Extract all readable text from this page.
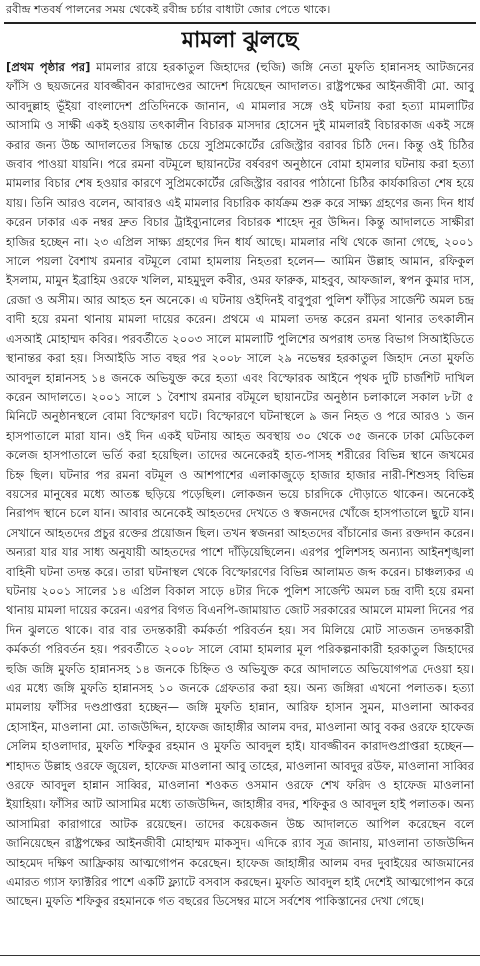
রবীন্দ্র শতবর্ষ পালনের সময় থেকেই রবীন্দ্র চর্চার বাধাটা জোর পেতে থাকে।
মামলা ঝুলছে

[প্রথম পৃষ্ঠার পর] মামলার রায়ে হরকাতুল জিহাদের (হুজি) জঙ্গি নেতা মুফতি হান্নানসহ আটজনের ফাঁসি ও ছয়জনের যাবজ্জীবন কারাদণ্ডের আদেশ দিয়েছেন আদালত। রাষ্ট্রপক্ষের আইনজীবী মো. আবু আবদুল্লাহ ভূঁইয়া বাংলাদেশ প্রতিদিনকে জানান, এ মামলার সঙ্গে ওই ঘটনায় করা হত্যা মামলাটির আসামি ও সাক্ষী একই হওয়ায় তৎকালীন বিচারক মাসদার হোসেন দুই মামলারই বিচারকাজ একই সঙ্গে করার জন্য উচ্চ আদালতের সিদ্ধান্ত চেয়ে সুপ্রিমকোর্টের রেজিস্ট্রার বরাবর চিঠি দেন। কিন্তু ওই চিঠির জবাব পাওয়া যায়নি। পরে রমনা বটমূলে ছায়ানটের বর্ষবরণ অনুষ্ঠানে বোমা হামলার ঘটনায় করা হত্যা মামলার বিচার শেষ হওয়ার কারণে সুপ্রিমকোর্টের রেজিস্ট্রার বরাবর পাঠানো চিঠির কার্যকারিতা শেষ হয়ে যায়। তিনি আরও বলেন, আবারও এই মামলার বিচারিক কার্যক্রম শুরু করে সাক্ষ্য গ্রহণের জন্য দিন ধার্য করেন ঢাকার এক নম্বর দ্রুত বিচার ট্রাইব্যুনালের বিচারক শাহেদ নূর উদ্দিন। কিন্তু আদালতে সাক্ষীরা হাজির হচ্ছেন না। ২৩ এপ্রিল সাক্ষ্য গ্রহণের দিন ধার্য আছে। মামলার নথি থেকে জানা গেছে, ২০০১ সালে পয়লা বৈশাখ রমনার বটমূলে বোমা হামলায় নিহতরা হলেন— আমিন উল্লাহ আমান, রফিকুল ইসলাম, মামুন ইব্রাহিম ওরফে খলিল, মাহমুদুল কবীর, ওমর ফারুক, মাহবুব, আফজাল, স্বপন কুমার দাস, রেজা ও অসীম। আর আহত হন অনেকে। এ ঘটনায় ওইদিনই বাবুপুরা পুলিশ ফাঁড়ির সার্জেন্ট অমল চন্দ্র বাদী হয়ে রমনা থানায় মামলা দায়ের করেন। প্রথমে এ মামলা তদন্ত করেন রমনা থানার তৎকালীন এসআই মোহাম্মদ কবির। পরবর্তীতে ২০০৩ সালে মামলাটি পুলিশের অপরাধ তদন্ত বিভাগ সিআইডিতে স্থানান্তর করা হয়। সিআইডি সাত বছর পর ২০০৮ সালে ২৯ নভেম্বর হরকাতুল জিহাদ নেতা মুফতি আবদুল হান্নানসহ ১৪ জনকে অভিযুক্ত করে হত্যা এবং বিস্ফোরক আইনে পৃথক দুটি চার্জশিট দাখিল করেন আদালতে। ২০০১ সালে ১ বৈশাখ রমনার বটমূলে ছায়ানটের অনুষ্ঠান চলাকালে সকাল ৮টা ৫ মিনিটে অনুষ্ঠানস্থলে বোমা বিস্ফোরণ ঘটে। বিস্ফোরণে ঘটনাস্থলে ৯ জন নিহত ও পরে আরও ১ জন হাসপাতালে মারা যান। ওই দিন একই ঘটনায় আহত অবস্থায় ৩০ থেকে ৩৫ জনকে ঢাকা মেডিকেল কলেজ হাসপাতালে ভর্তি করা হয়েছিল। তাদের অনেকেরই হাত-পাসহ শরীরের বিভিন্ন স্থানে জখমের চিহ্ন ছিল। ঘটনার পর রমনা বটমূল ও আশপাশের এলাকাজুড়ে হাজার হাজার নারী-শিশুসহ বিভিন্ন বয়সের মানুষের মধ্যে আতঙ্ক ছড়িয়ে পড়েছিল। লোকজন ভয়ে চারদিকে দৌড়াতে থাকেন। অনেকেই নিরাপদ স্থানে চলে যান। আবার অনেকেই আহতদের দেখতে ও স্বজনদের খোঁজে হাসপাতালে ছুটে যান। সেখানে আহতদের প্রচুর রক্তের প্রয়োজন ছিল। তখন স্বজনরা আহতদের বাঁচানোর জন্য রক্তদান করেন। অন্যরা যার যার সাধ্য অনুযায়ী আহতদের পাশে দাঁড়িয়েছিলেন। এরপর পুলিশসহ অন্যান্য আইনশৃঙ্খলা বাহিনী ঘটনা তদন্ত করে। তারা ঘটনাস্থল থেকে বিস্ফোরণের বিভিন্ন আলামত জব্দ করেন। চাঞ্চল্যকর এ ঘটনায় ২০০১ সালের ১৪ এপ্রিল বিকাল সাড়ে ৪টার দিকে পুলিশ সার্জেন্ট অমল চন্দ্র বাদী হয়ে রমনা থানায় মামলা দায়ের করেন। এরপর বিগত বিএনপি-জামায়াত জোট সরকারের আমলে মামলা দিনের পর দিন ঝুলতে থাকে। বার বার তদন্তকারী কর্মকর্তা পরিবর্তন হয়। সব মিলিয়ে মোট সাতজন তদন্তকারী কর্মকর্তা পরিবর্তন হয়। পরবর্তীতে ২০০৮ সালে বোমা হামলার মূল পরিকল্পনাকারী হরকাতুল জিহাদের হুজি জঙ্গি মুফতি হান্নানসহ ১৪ জনকে চিহ্নিত ও অভিযুক্ত করে আদালতে অভিযোগপত্র দেওয়া হয়। এর মধ্যে জঙ্গি মুফতি হান্নানসহ ১০ জনকে গ্রেফতার করা হয়। অন্য জঙ্গিরা এখনো পলাতক। হত্যা মামলায় ফাঁসির দণ্ডপ্রাপ্তরা হচ্ছেন— জঙ্গি মুফতি হান্নান, আরিফ হাসান সুমন, মাওলানা আকবর হোসাইন, মাওলানা মো. তাজউদ্দিন, হাফেজ জাহাঙ্গীর আলম বদর, মাওলানা আবু বকর ওরফে হাফেজ সেলিম হাওলাদার, মুফতি শফিকুর রহমান ও মুফতি আবদুল হাই। যাবজ্জীবন কারাদণ্ডপ্রাপ্তরা হচ্ছেন— শাহাদত উল্লাহ ওরফে জুয়েল, হাফেজ মাওলানা আবু তাহের, মাওলানা আবদুর রউফ, মাওলানা সাব্বির ওরফে আবদুল হান্নান সাব্বির, মাওলানা শওকত ওসমান ওরফে শেখ ফরিদ ও হাফেজ মাওলানা ইয়াহিয়া। ফাঁসির আট আসামির মধ্যে তাজউদ্দিন, জাহাঙ্গীর বদর, শফিকুর ও আবদুল হাই পলাতক। অন্য আসামিরা কারাগারে আটক রয়েছেন। তাদের কয়েকজন উচ্চ আদালতে আপিল করেছেন বলে জানিয়েছেন রাষ্ট্রপক্ষের আইনজীবী মোহাম্মদ মাকসুদ। এদিকে র‌্যাব সূত্র জানায়, মাওলানা তাজউদ্দিন আহমেদ দক্ষিণ আফ্রিকায় আত্মগোপন করেছেন। হাফেজ জাহাঙ্গীর আলম বদর দুবাইয়ের আজমানের এমারত গ্যাস ফ্যাক্টরির পাশে একটি ফ্ল্যাটে বসবাস করছেন। মুফতি আবদুল হাই দেশেই আত্মগোপন করে আছেন। মুফতি শফিকুর রহমানকে গত বছরের ডিসেম্বর মাসে সর্বশেষ পাকিস্তানের দেখা গেছে।
